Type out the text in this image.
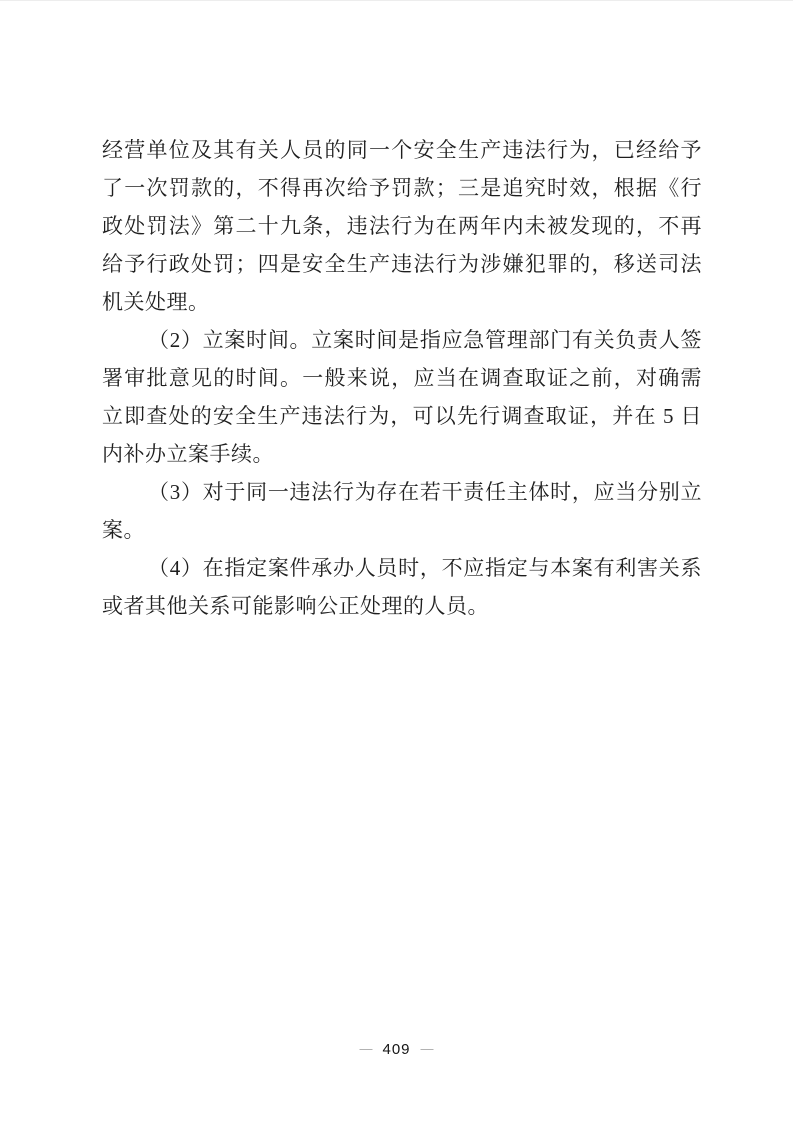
经营单位及其有关人员的同一个安全生产违法行为，已经给予
了一次罚款的，不得再次给予罚款；三是追究时效，根据《行
政处罚法》第二十九条，违法行为在两年内未被发现的，不再
给予行政处罚；四是安全生产违法行为涉嫌犯罪的，移送司法
机关处理。
（2）立案时间。立案时间是指应急管理部门有关负责人签
署审批意见的时间。一般来说，应当在调查取证之前，对确需
立即查处的安全生产违法行为，可以先行调查取证，并在 5 日
内补办立案手续。
（3）对于同一违法行为存在若干责任主体时，应当分别立
案。
（4）在指定案件承办人员时，不应指定与本案有利害关系
或者其他关系可能影响公正处理的人员。
— 409 —
